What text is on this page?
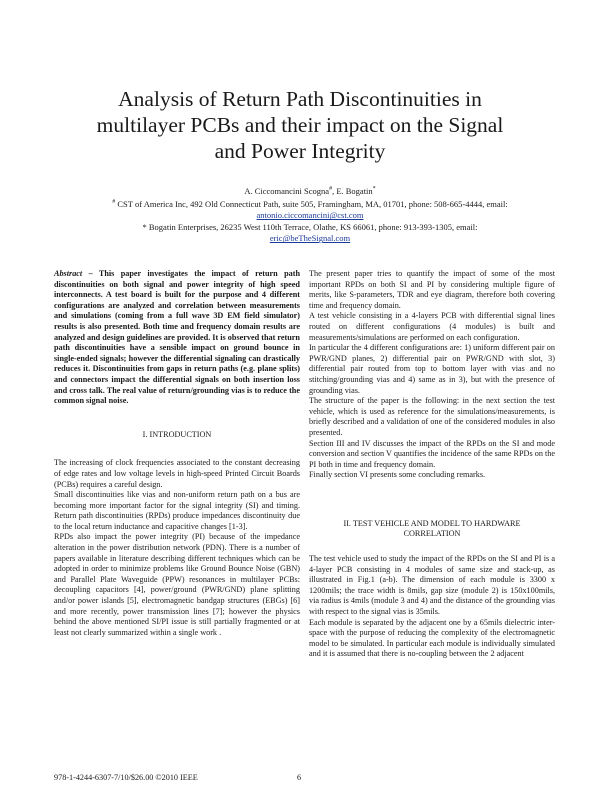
Analysis of Return Path Discontinuities in
multilayer PCBs and their impact on the Signal
and Power Integrity
A. Ciccomancini Scogna#, E. Bogatin*
# CST of America Inc, 492 Old Connecticut Path, suite 505, Framingham, MA, 01701, phone: 508-665-4444, email:
antonio.ciccomancini@cst.com
* Bogatin Enterprises, 26235 West 110th Terrace, Olathe, KS 66061, phone: 913-393-1305, email:
eric@beTheSignal.com

Abstract – This paper investigates the impact of return path discontinuities on both signal and power integrity of high speed interconnects. A test board is built for the purpose and 4 different configurations are analyzed and correlation between measurements and simulations (coming from a full wave 3D EM field simulator) results is also presented. Both time and frequency domain results are analyzed and design guidelines are provided. It is observed that return path discontinuities have a sensible impact on ground bounce in single-ended signals; however the differential signaling can drastically reduces it. Discontinuities from gaps in return paths (e.g. plane splits) and connectors impact the differential signals on both insertion loss and cross talk. The real value of return/grounding vias is to reduce the common signal noise.

I. INTRODUCTION

The increasing of clock frequencies associated to the constant decreasing of edge rates and low voltage levels in high-speed Printed Circuit Boards (PCBs) requires a careful design.

Small discontinuities like vias and non-uniform return path on a bus are becoming more important factor for the signal integrity (SI) and timing. Return path discontinuities (RPDs) produce impedances discontinuity due to the local return inductance and capacitive changes [1-3].

RPDs also impact the power integrity (PI) because of the impedance alteration in the power distribution network (PDN). There is a number of papers available in literature describing different techniques which can be adopted in order to minimize problems like Ground Bounce Noise (GBN) and Parallel Plate Waveguide (PPW) resonances in multilayer PCBs: decoupling capacitors [4], power/ground (PWR/GND) plane splitting and/or power islands [5], electromagnetic bandgap structures (EBGs) [6] and more recently, power transmission lines [7]; however the physics behind the above mentioned SI/PI issue is still partially fragmented or at least not clearly summarized within a single work .

The present paper tries to quantify the impact of some of the most important RPDs on both SI and PI by considering multiple figure of merits, like S-parameters, TDR and eye diagram, therefore both covering time and frequency domain.

A test vehicle consisting in a 4-layers PCB with differential signal lines routed on different configurations (4 modules) is built and measurements/simulations are performed on each configuration.

In particular the 4 different configurations are: 1) uniform different pair on PWR/GND planes, 2) differential pair on PWR/GND with slot, 3) differential pair routed from top to bottom layer with vias and no stitching/grounding vias and 4) same as in 3), but with the presence of grounding vias.

The structure of the paper is the following: in the next section the test vehicle, which is used as reference for the simulations/measurements, is briefly described and a validation of one of the considered modules in also presented.

Section III and IV discusses the impact of the RPDs on the SI and mode conversion and section V quantifies the incidence of the same RPDs on the PI both in time and frequency domain.

Finally section VI presents some concluding remarks.

II. TEST VEHICLE AND MODEL TO HARDWARE

CORRELATION

The test vehicle used to study the impact of the RPDs on the SI and PI is a 4-layer PCB consisting in 4 modules of same size and stack-up, as illustrated in Fig.1 (a-b). The dimension of each module is 3300 x 1200mils; the trace width is 8mils, gap size (module 2) is 150x100mils, via radius is 4mils (module 3 and 4) and the distance of the grounding vias with respect to the signal vias is 35mils.

Each module is separated by the adjacent one by a 65mils dielectric inter-space with the purpose of reducing the complexity of the electromagnetic model to be simulated. In particular each module is individually simulated and it is assumed that there is no-coupling between the 2 adjacent

978-1-4244-6307-7/10/$26.00 ©2010 IEEE	6
